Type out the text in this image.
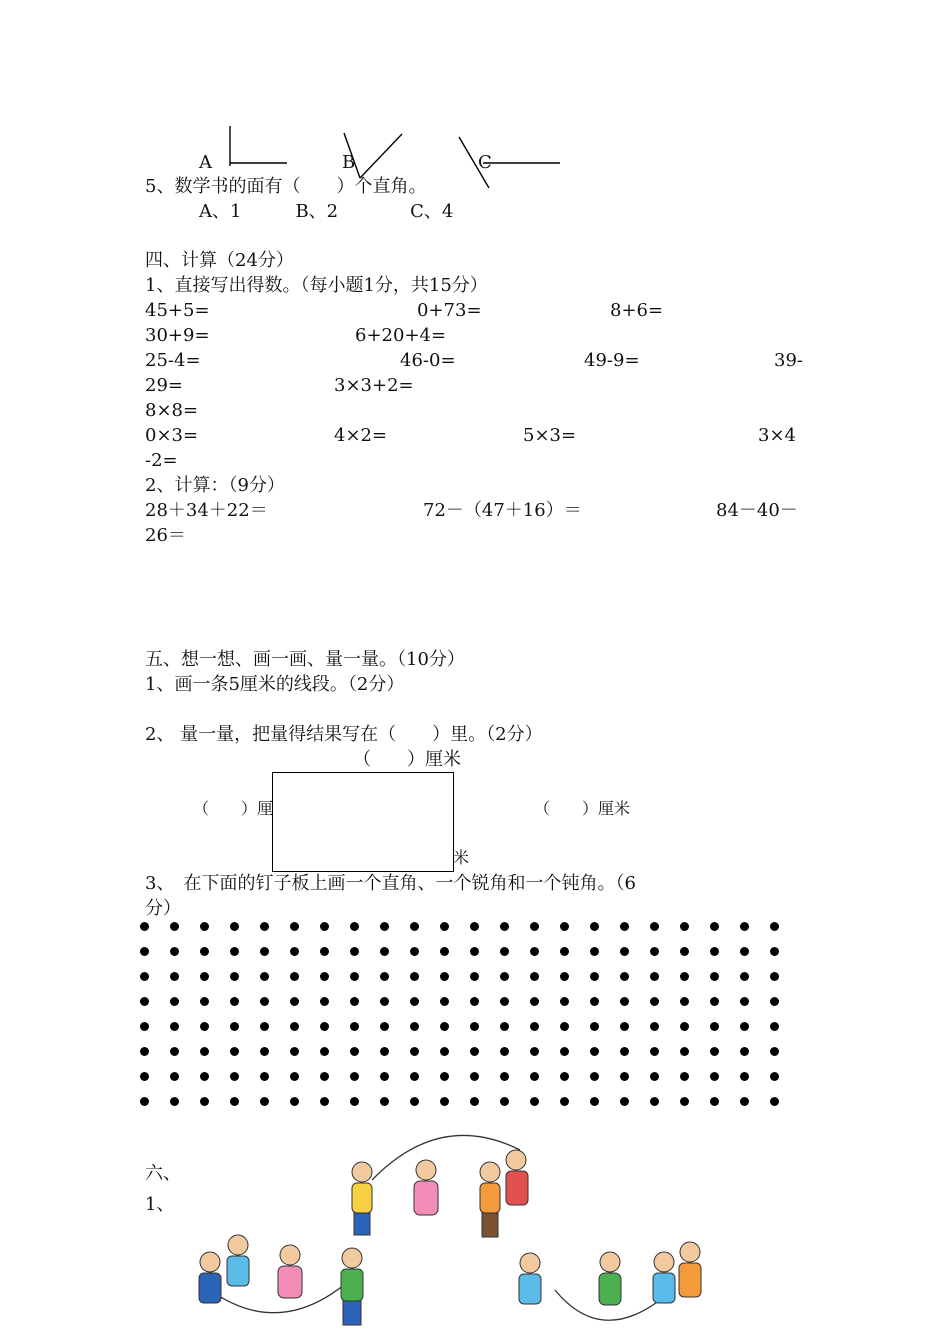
A	B	C
5、数学书的面有（　　）个直角。
A、1　　　B、2　　　　C、4
四、计算（24分）
1、直接写出得数。（每小题1分，共15分）
45+5=	0+73=	8+6=
30+9=	6+20+4=
25-4=	46-0=	49-9=	39-
29=	3×3+2=
8×8=
0×3=	4×2=	5×3=	3×4
-2=
2、计算：（9分）
28＋34＋22＝	72－（47＋16）＝	84－40－
26＝
五、想一想、画一画、量一量。（10分）
1、画一条5厘米的线段。（2分）
2、 量一量，把量得结果写在（　　）里。（2分）
（　　）厘米
（　　）厘	（　　）厘米
米
3、　在下面的钉子板上画一个直角、一个锐角和一个钝角。（6
分）
六、
1、
